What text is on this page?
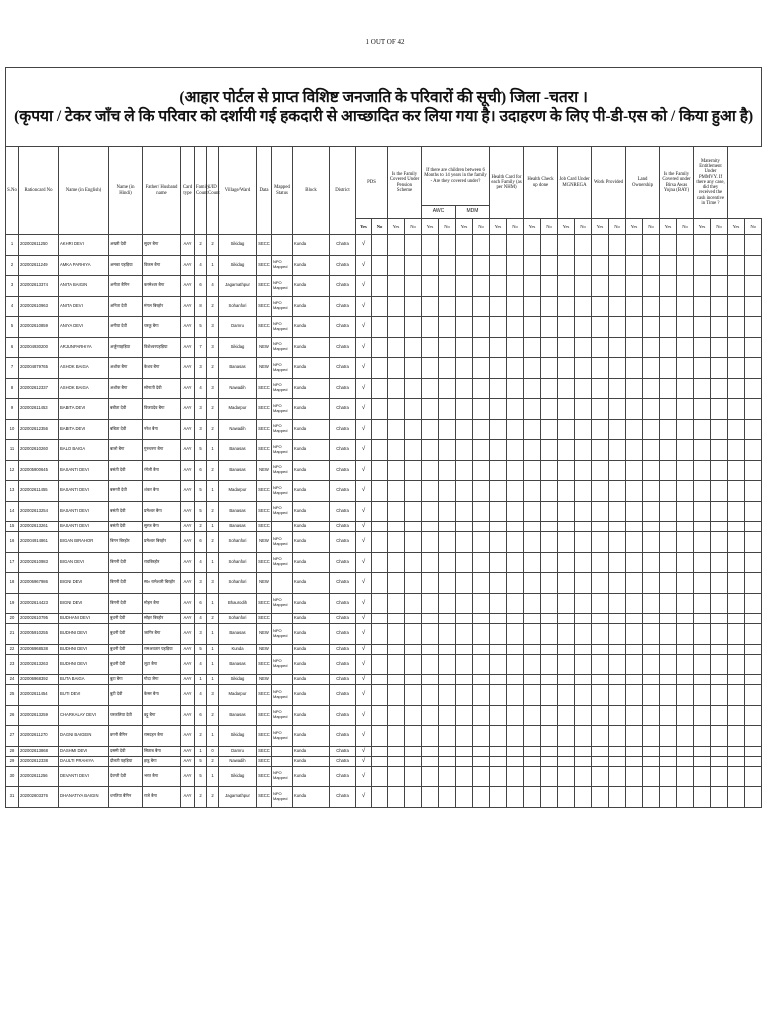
1 OUT OF 42
(आहार पोर्टल से प्राप्त विशिष्ट जनजाति के परिवारों की सूची) जिला -चतरा ।
(कृपया / टेकर जाँच ले कि परिवार को दर्शायी गई हकदारी से आच्छादित कर लिया गया है। उदाहरण के लिए पी-डी-एस को / किया हुआ है)																																					

S.No	Rationcard No	Name (in English)	Name (in Hindi)	Father/ Husband name	Card type	Family Count	UID Count	Village/Ward	Data	Mapped Status	Block	District	PDS		Is the Family Covered Under Pension Scheme		If there are children between 6 Months to 14 years in the family - Are they covered under?				Health Card for each Family (as per NHM)		Health Check up done		Job Card Under MGNREGA		Work Provided		Land Ownership		Is the Family Covered under Birsa Awas Yojna (BAY)		Maternity Entitlement Under PMMVY. If there any case, did they received the cash incentive in Time ?				
																	AWC		MDM																		
													Yes	No	Yes	No	Yes	No	Yes	No	Yes	No	Yes	No	Yes	No	Yes	No	Yes	No	Yes	No	Yes	No	Yes	No		
1	202002611250	AKHRI DEVI	अखरी देवी	सुदन बैगा	AAY	2	2	Sikidag	SECC		Kunda	Chatra	√																								
2	202002611249	AMKA PARHIYA	अमका पहड़िया	विकम बैगा	AAY	4	1	Sikidag	SECC	NPO Mapped	Kunda	Chatra	√																								
3	202002613374	ANITA BAIGIN	अनीता बैगिन	करमेश्वर बैगा	AAY	6	4	Jagarnathpur	SECC	NPO Mapped	Kunda	Chatra	√																								
4	202002610963	ANITA DEVI	अनिता देवी	मंगल बिरहोर	AAY	8	2	Sohanfori	SECC	NPO Mapped	Kunda	Chatra	√																								
5	202002610859	ANIYA DEVI	अनीया देवी	चरकू बैगा	AAY	5	3	Darnru	SECC	NPO Mapped	Kunda	Chatra	√																								
6	202004930200	ARJUNPARHIYA	अर्जुनपहड़िया	विशेश्वरपहड़िया	AAY	7	3	Sikidag	NEW	NPO Mapped	Kunda	Chatra	√																								
7	202004879765	ASHOK BAIGA	अशोक बैगा	केशव बैगा	AAY	3	2	Banasas	NEW	NPO Mapped	Kunda	Chatra	√																								
8	202002612337	ASHOK BAIGA	अशोक बैगा	सोनाती देवी	AAY	4	3	Nawadih	SECC	NPO Mapped	Kunda	Chatra	√																								
9	202002611453	BABITA DEVI	बबीता देवी	विजयदेव बैगा	AAY	3	2	Madarpur	SECC	NPO Mapped	Kunda	Chatra	√																								
10	202002612356	BABITA DEVI	बबिता देवी	नरेश बैगा	AAY	3	2	Nawadih	SECC	NPO Mapped	Kunda	Chatra	√																								
11	202002610260	BALO BAIGA	बालो बैगा	गुरुचरण बैगा	AAY	5	1	Banasas	SECC	NPO Mapped	Kunda	Chatra	√																								
12	202005900645	BASANTI DEVI	बसंती देवी	रंगेली बैगा	AAY	6	2	Banasas	NEW	NPO Mapped	Kunda	Chatra	√																								
13	202002611455	BASANTI DEVI	बसन्ती देवी	शंकर बैगा	AAY	5	1	Madarpur	SECC	NPO Mapped	Kunda	Chatra	√																								
14	202002613254	BASANTI DEVI	बसंती देवी	प्रमेश्वर बैगा	AAY	5	2	Banasas	SECC	NPO Mapped	Kunda	Chatra	√																								
15	202002613261	BASANTI DEVI	बसंती देवी	सुरज बैगा	AAY	2	1	Banasas	SECC		Kunda	Chatra	√																								
16	202004914861	BIGAN BIRAHOR	बिगन बिरहोर	प्रमेश्वर बिरहोर	AAY	6	2	Sohanfori	NEW	NPO Mapped	Kunda	Chatra	√																								
17	202002610983	BIGAN DEVI	बिगनी देवी	रावबिरहोर	AAY	4	1	Sohanfori	SECC	NPO Mapped	Kunda	Chatra	√																								
18	202006967986	BIGNI DEVI	बिगनी देवी	स्व० रामेश्वरी बिरहोर	AAY	3	3	Sohanfori	NEW		Kunda	Chatra	√																								
19	202002614423	BIGNI DEVI	बिगनी देवी	मोहन बैगा	AAY	6	1	Bhaurodih	SECC	NPO Mapped	Kunda	Chatra	√																								
20	202002610795	BUDHANI DEVI	बुधनी देवी	सोहर बिरहोर	AAY	4	2	Sohanfori	SECC		Kunda	Chatra	√																								
21	202005910255	BUDHNI DEVI	बुधनी देवी	जागिर बैगा	AAY	3	1	Banasas	NEW	NPO Mapped	Kunda	Chatra	√																								
22	202006968538	BUDHNI DEVI	बुधनी देवी	रामअवतार पहड़िया	AAY	5	1	Kunda	NEW		Kunda	Chatra	√																								
23	202002613263	BUDHNI DEVI	बुधनी देवी	लूटा बैगा	AAY	4	1	Banasas	SECC	NPO Mapped	Kunda	Chatra	√																								
24	202006968392	BUTA BAIGA	बुटा बैगा	गोदा जैगा	AAY	1	1	Sikidag	NEW		Kunda	Chatra	√																								
25	202002611454	BUTI DEVI	बुटी देवी	केसर बैगा	AAY	4	3	Madarpur	SECC	NPO Mapped	Kunda	Chatra	√																								
26	202002613259	CHARKALAY DEVI	चरकलिया देवी	डट्टू बैगा	AAY	6	2	Banasas	SECC	NPO Mapped	Kunda	Chatra	√																								
27	202002611270	DAGNI BAIGEIN	डगनी बैगिन	रामदहन बैगा	AAY	2	1	Sikidag	SECC	NPO Mapped	Kunda	Chatra	√																								
28	202002613868	DASHMI DEVI	दसमी देवी	सिताब बैगा	AAY	1	0	Darnru	SECC		Kunda	Chatra	√																								
29	202002612338	DAULTI PRAHIYA	दौलती पहड़िया	हाडु बैगा	AAY	5	2	Nawadih	SECC		Kunda	Chatra	√																								
30	202002611256	DEVANTI DEVI	देवन्ती देवी	भरत बैगा	AAY	5	1	Sikidag	SECC	NPO Mapped	Kunda	Chatra	√																								
31	202002603376	DHANATIYA BAIGIN	धनतिया बैगिन	राजे बैगा	AAY	2	2	Jagarnathpur	SECC	NPO Mapped	Kunda	Chatra	√																								
